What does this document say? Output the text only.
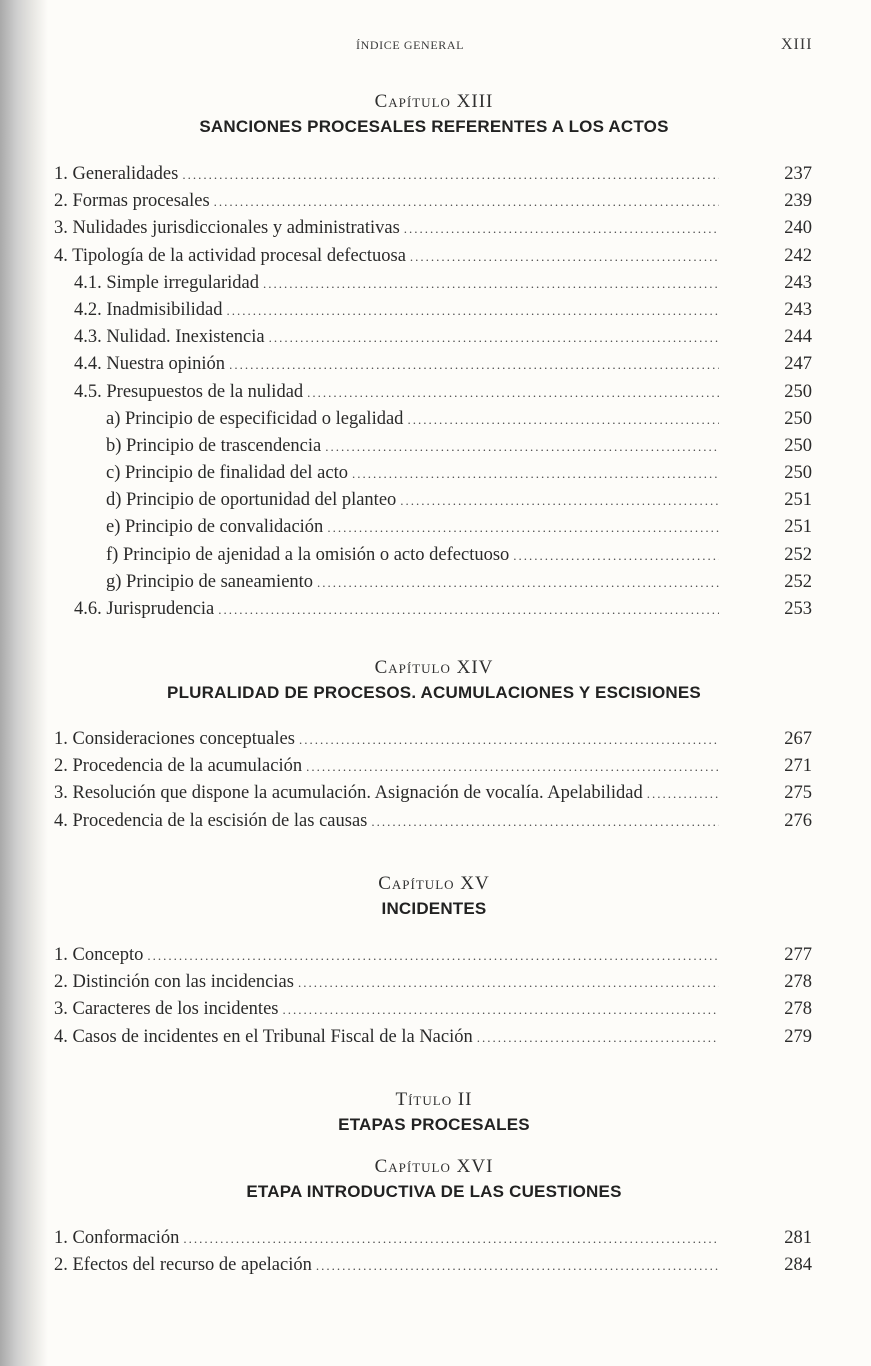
ÍNDICE GENERAL	XIII
Capítulo XIII
SANCIONES PROCESALES REFERENTES A LOS ACTOS
1. Generalidades .....	237
2. Formas procesales .....	239
3. Nulidades jurisdiccionales y administrativas .....	240
4. Tipología de la actividad procesal defectuosa .....	242
4.1. Simple irregularidad .....	243
4.2. Inadmisibilidad .....	243
4.3. Nulidad. Inexistencia .....	244
4.4. Nuestra opinión .....	247
4.5. Presupuestos de la nulidad .....	250
a) Principio de especificidad o legalidad .....	250
b) Principio de trascendencia .....	250
c) Principio de finalidad del acto .....	250
d) Principio de oportunidad del planteo .....	251
e) Principio de convalidación .....	251
f) Principio de ajenidad a la omisión o acto defectuoso .....	252
g) Principio de saneamiento .....	252
4.6. Jurisprudencia .....	253
Capítulo XIV
PLURALIDAD DE PROCESOS. ACUMULACIONES Y ESCISIONES
1. Consideraciones conceptuales .....	267
2. Procedencia de la acumulación .....	271
3. Resolución que dispone la acumulación. Asignación de vocalía. Apelabilidad .....	275
4. Procedencia de la escisión de las causas .....	276
Capítulo XV
INCIDENTES
1. Concepto .....	277
2. Distinción con las incidencias .....	278
3. Caracteres de los incidentes .....	278
4. Casos de incidentes en el Tribunal Fiscal de la Nación .....	279
Título II
ETAPAS PROCESALES
Capítulo XVI
ETAPA INTRODUCTIVA DE LAS CUESTIONES
1. Conformación .....	281
2. Efectos del recurso de apelación .....	284
